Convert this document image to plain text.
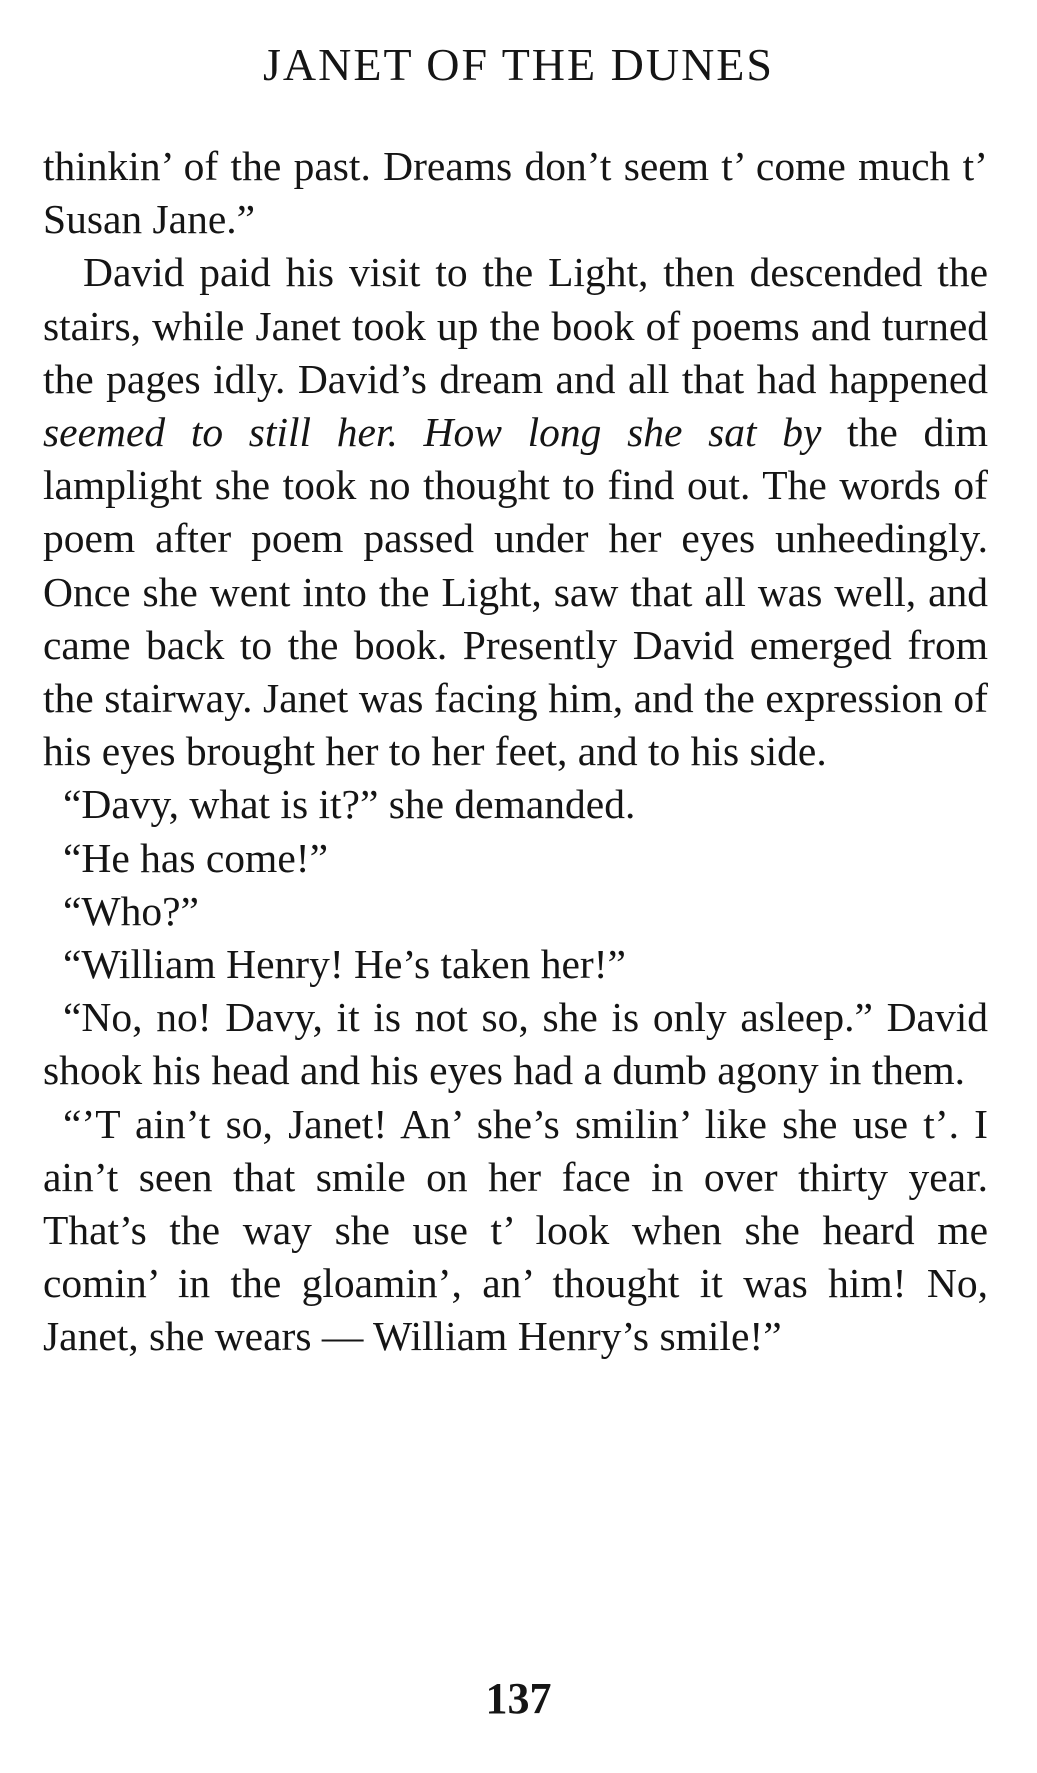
JANET OF THE DUNES

thinkin’ of the past. Dreams don’t seem t’ come much t’ Susan Jane.”

David paid his visit to the Light, then descended the stairs, while Janet took up the book of poems and turned the pages idly. David’s dream and all that had happened seemed to still her. How long she sat by the dim lamplight she took no thought to find out. The words of poem after poem passed under her eyes unheedingly. Once she went into the Light, saw that all was well, and came back to the book. Presently David emerged from the stairway. Janet was facing him, and the expression of his eyes brought her to her feet, and to his side.

“Davy, what is it?” she demanded.

“He has come!”

“Who?”

“William Henry! He’s taken her!”

“No, no! Davy, it is not so, she is only asleep.” David shook his head and his eyes had a dumb agony in them.

“’T ain’t so, Janet! An’ she’s smilin’ like she use t’. I ain’t seen that smile on her face in over thirty year. That’s the way she use t’ look when she heard me comin’ in the gloamin’, an’ thought it was him! No, Janet, she wears — William Henry’s smile!”

137
